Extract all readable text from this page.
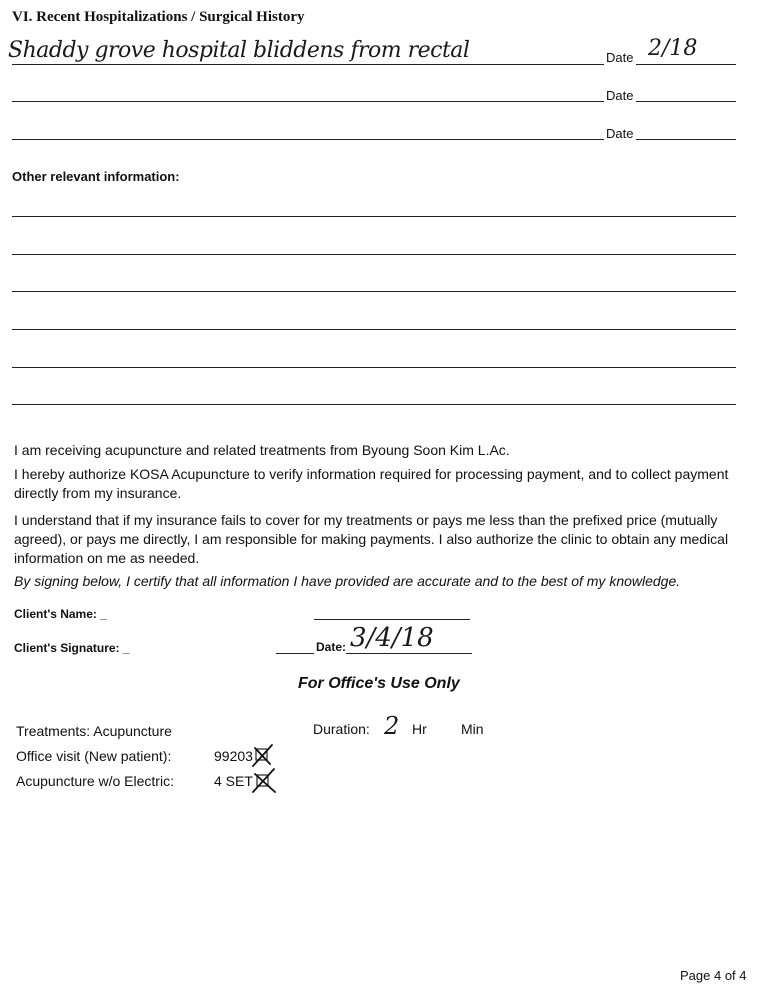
VI. Recent Hospitalizations / Surgical History
Shaddy grove hospital bliddens from rectal	Date 2/18
Date
Date
Other relevant information:
I am receiving acupuncture and related treatments from Byoung Soon Kim L.Ac.
I hereby authorize KOSA Acupuncture to verify information required for processing payment, and to collect payment directly from my insurance.
I understand that if my insurance fails to cover for my treatments or pays me less than the prefixed price (mutually agreed), or pays me directly, I am responsible for making payments. I also authorize the clinic to obtain any medical information on me as needed.
By signing below, I certify that all information I have provided are accurate and to the best of my knowledge.
Client's Name: _
Client's Signature: _	Date: 3/4/18
For Office's Use Only
Treatments: Acupuncture	Duration: 2 Hr Min
Office visit (New patient):	99203
Acupuncture w/o Electric:	4 SET
Page 4 of 4
